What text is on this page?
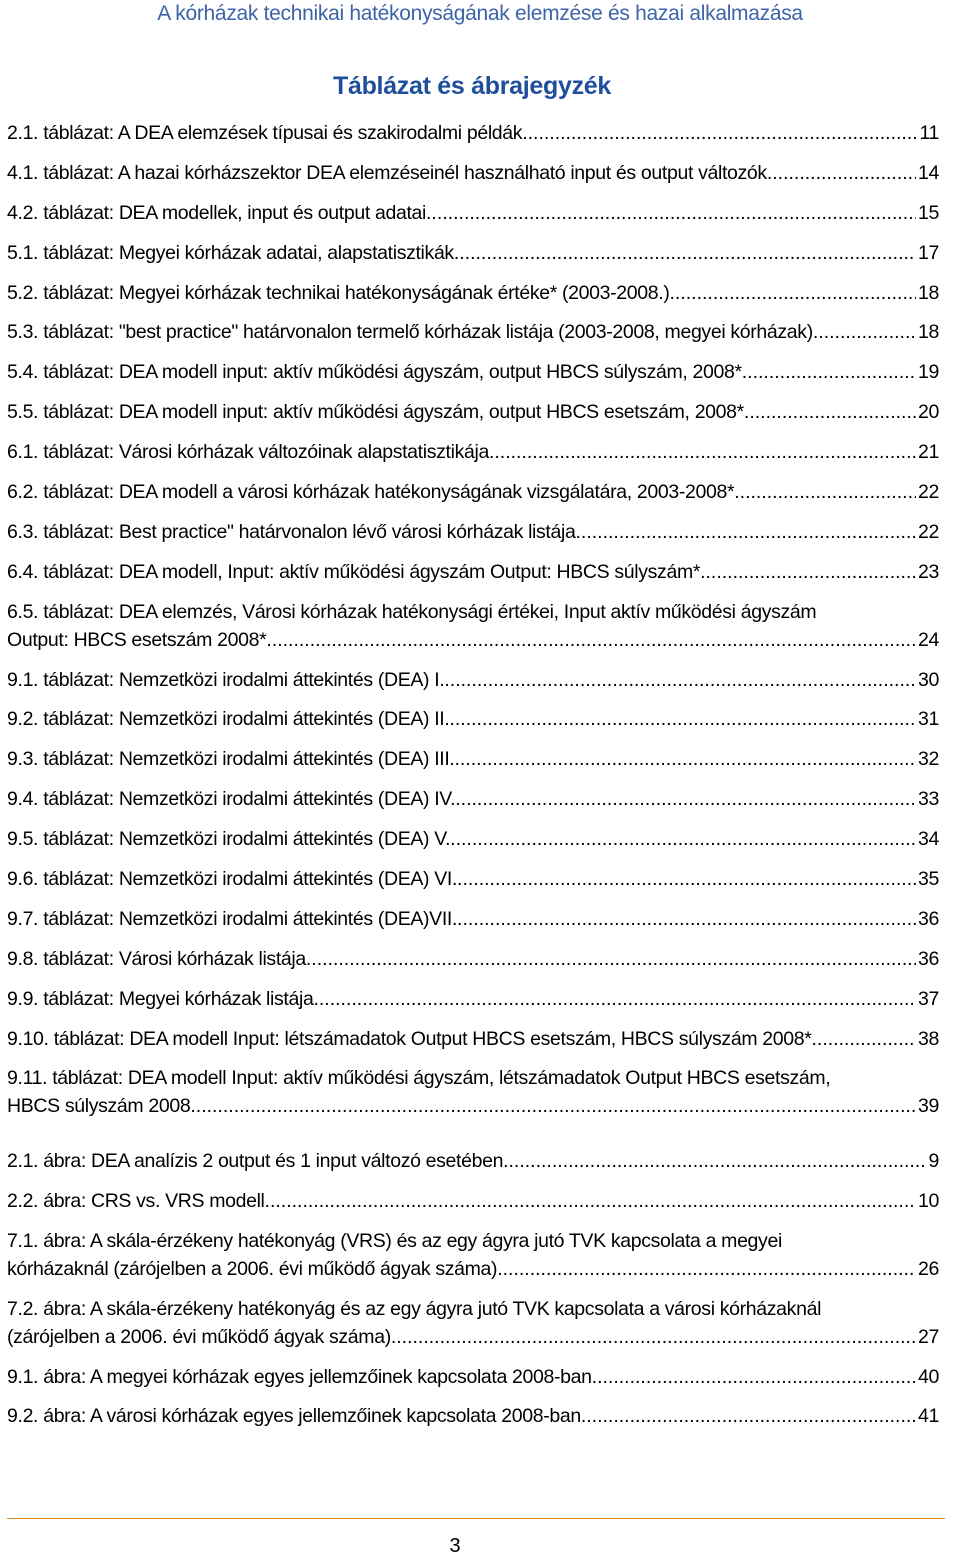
A kórházak technikai hatékonyságának elemzése és hazai alkalmazása
Táblázat és ábrajegyzék
2.1. táblázat: A DEA elemzések típusai és szakirodalmi példák .....	11
4.1. táblázat: A hazai kórházszektor DEA elemzéseinél használható input és output változók .....	14
4.2. táblázat: DEA modellek, input és output adatai .....	15
5.1. táblázat: Megyei kórházak adatai, alapstatisztikák .....	17
5.2. táblázat: Megyei kórházak technikai hatékonyságának értéke* (2003-2008.) .....	18
5.3. táblázat: "best practice" határvonalon termelő kórházak listája (2003-2008, megyei kórházak) .....	18
5.4. táblázat: DEA modell input: aktív működési ágyszám, output HBCS súlyszám, 2008* .....	19
5.5. táblázat: DEA modell input: aktív működési ágyszám, output HBCS esetszám, 2008* .....	20
6.1. táblázat: Városi kórházak változóinak alapstatisztikája .....	21
6.2. táblázat: DEA modell a városi kórházak hatékonyságának vizsgálatára, 2003-2008* .....	22
6.3. táblázat: Best practice" határvonalon lévő városi kórházak listája .....	22
6.4. táblázat: DEA modell, Input: aktív működési ágyszám Output: HBCS súlyszám* .....	23
6.5. táblázat: DEA elemzés, Városi kórházak hatékonysági értékei, Input aktív működési ágyszám
Output: HBCS esetszám 2008* .....	24
9.1. táblázat: Nemzetközi irodalmi áttekintés (DEA) I. .....	30
9.2. táblázat: Nemzetközi irodalmi áttekintés (DEA) II. .....	31
9.3. táblázat: Nemzetközi irodalmi áttekintés (DEA) III. .....	32
9.4. táblázat: Nemzetközi irodalmi áttekintés (DEA) IV. .....	33
9.5. táblázat: Nemzetközi irodalmi áttekintés (DEA) V. .....	34
9.6. táblázat: Nemzetközi irodalmi áttekintés (DEA) VI. .....	35
9.7. táblázat: Nemzetközi irodalmi áttekintés (DEA)VII. .....	36
9.8. táblázat: Városi kórházak listája .....	36
9.9. táblázat: Megyei kórházak listája .....	37
9.10. táblázat: DEA modell Input: létszámadatok Output HBCS esetszám, HBCS súlyszám 2008* .....	38
9.11. táblázat: DEA modell Input: aktív működési ágyszám, létszámadatok Output HBCS esetszám,
HBCS súlyszám 2008 .....	39
2.1. ábra: DEA analízis 2 output és 1 input változó esetében .....	9
2.2. ábra: CRS vs. VRS modell .....	10
7.1. ábra: A skála-érzékeny hatékonyág (VRS) és az egy ágyra jutó TVK kapcsolata a megyei
kórházaknál (zárójelben a 2006. évi működő ágyak száma) .....	26
7.2. ábra: A skála-érzékeny hatékonyág és az egy ágyra jutó TVK kapcsolata a városi kórházaknál
(zárójelben a 2006. évi működő ágyak száma) .....	27
9.1. ábra: A megyei kórházak egyes jellemzőinek kapcsolata 2008-ban .....	40
9.2. ábra: A városi kórházak egyes jellemzőinek kapcsolata 2008-ban .....	41
3
